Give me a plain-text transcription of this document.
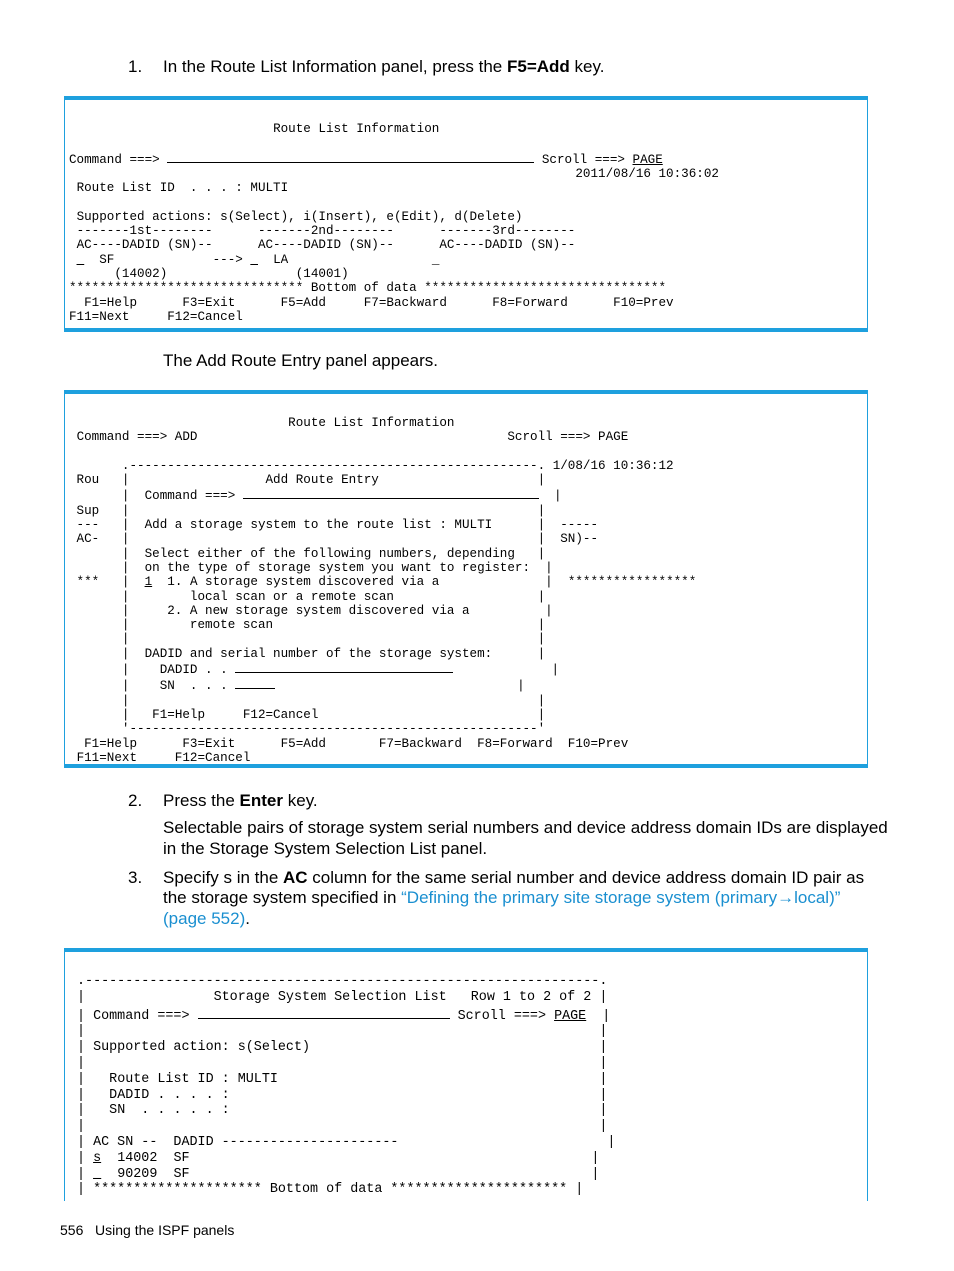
1. In the Route List Information panel, press the F5=Add key.
Route List Information

Command ===>	Scroll ===> PAGE
2011/08/16 10:36:02
Route List ID  . . . : MULTI

Supported actions: s(Select), i(Insert), e(Edit), d(Delete)
-------1st--------      -------2nd--------      -------3rd--------
AC----DADID (SN)--      AC----DADID (SN)--      AC----DADID (SN)--
_ SF	---> _ LA	_
(14002)                 (14001)
******************************* Bottom of data ********************************
F1=Help      F3=Exit      F5=Add     F7=Backward      F8=Forward      F10=Prev
F11=Next     F12=Cancel
The Add Route Entry panel appears.
Route List Information
Command ===> ADD	Scroll ===> PAGE

.------------------------------------------------------. 1/08/16 10:36:12
Rou   |	Add Route Entry	|
|  Command ===>	|
Sup   |                                                      |
---   |  Add a storage system to the route list : MULTI	|  -----
AC-   |                                                      |  SN)--
|  Select either of the following numbers, depending   |
|  on the type of storage system you want to register:  |
***   |  1 1. A storage system discovered via a	|  *****************
|	local scan or a remote scan	|
|	2. A new storage system discovered via a	|
|	remote scan	|
|                                                      |
|  DADID and serial number of the storage system:	|
|    DADID . .	|
|    SN  . . .	|
|                                                      |
|   F1=Help     F12=Cancel	|
'------------------------------------------------------'
F1=Help      F3=Exit      F5=Add       F7=Backward  F8=Forward  F10=Prev
F11=Next     F12=Cancel
2. Press the Enter key.
Selectable pairs of storage system serial numbers and device address domain IDs are displayed
in the Storage System Selection List panel.
3. Specify s in the AC column for the same serial number and device address domain ID pair as
the storage system specified in “Defining the primary site storage system (primary→local)”
(page 552).
.----------------------------------------------------------------.
|	Storage System Selection List   Row 1 to 2 of 2 |
| Command ===>	Scroll ===> PAGE  |
|                                                                |
| Supported action: s(Select)	|
|                                                                |
|   Route List ID : MULTI	|
|   DADID . . . . :	|
|   SN  . . . . . :	|
|                                                                |
| AC SN --  DADID ----------------------	|
| s 14002  SF	|
| _ 90209  SF	|
| ********************* Bottom of data ********************** |
556 Using the ISPF panels
